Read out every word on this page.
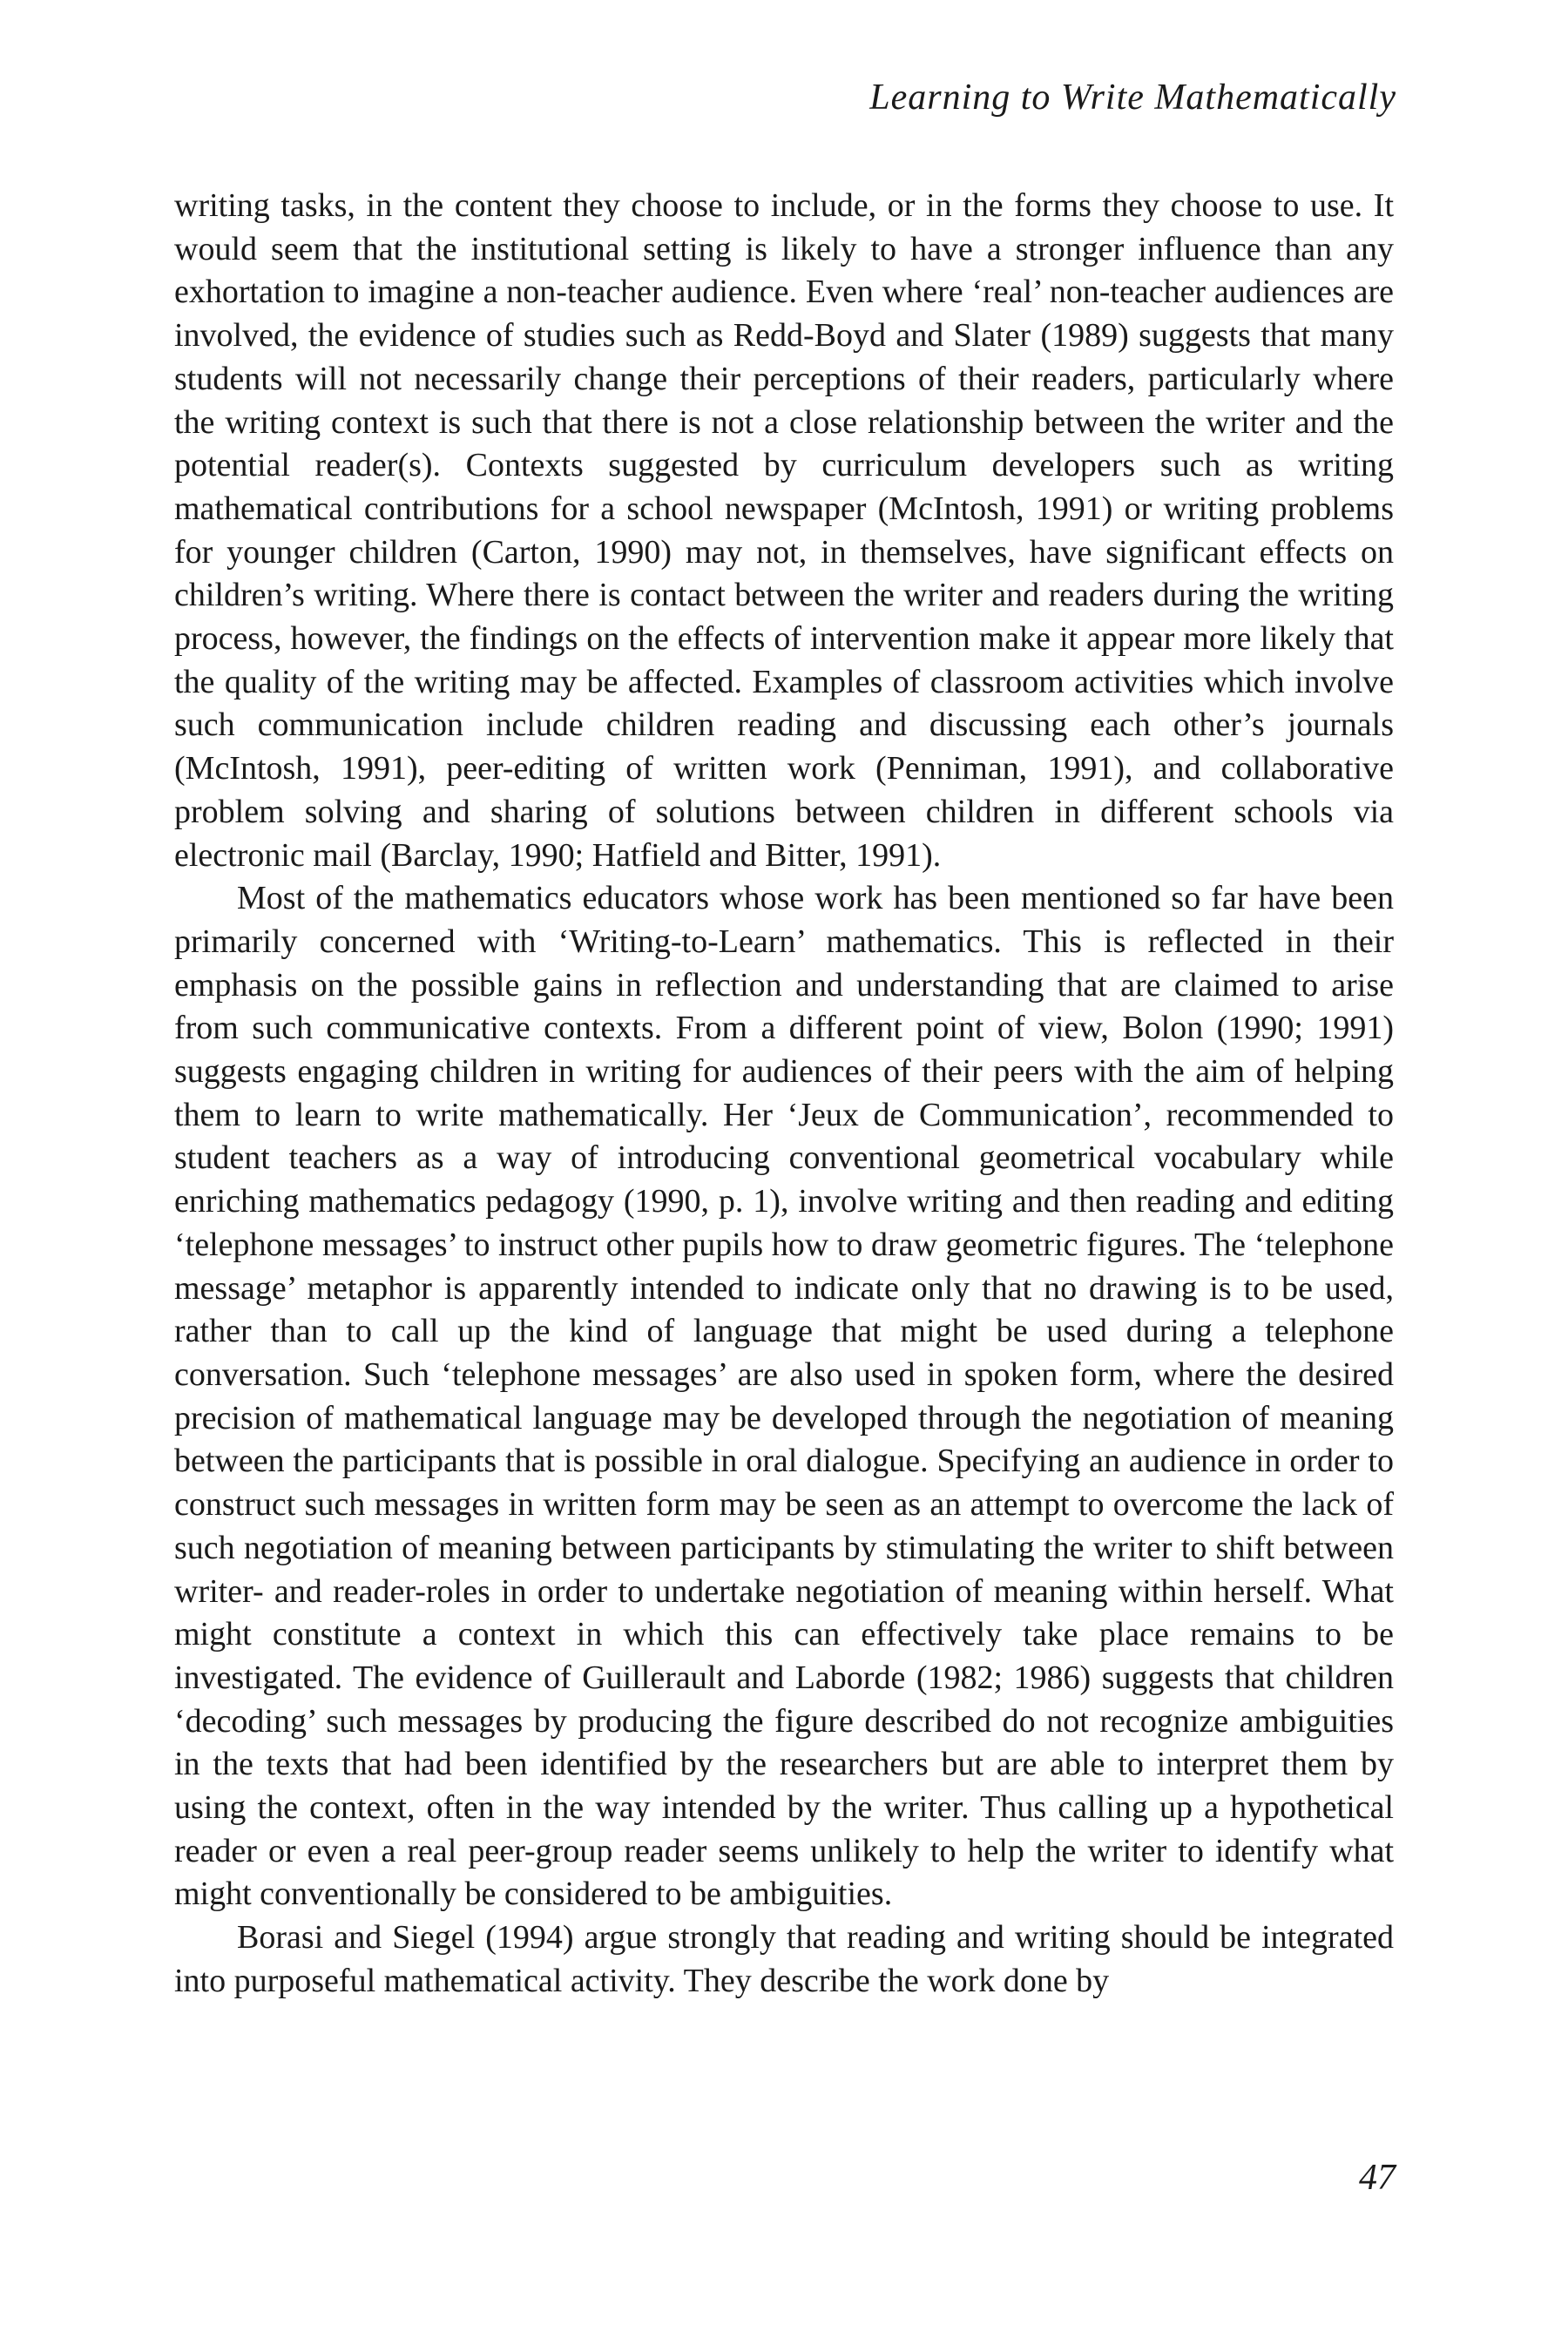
Learning to Write Mathematically

writing tasks, in the content they choose to include, or in the forms they choose to use. It would seem that the institutional setting is likely to have a stronger influence than any exhortation to imagine a non-teacher audience. Even where ‘real’ non-teacher audiences are involved, the evidence of studies such as Redd-Boyd and Slater (1989) suggests that many students will not necessarily change their perceptions of their readers, particularly where the writing context is such that there is not a close relationship between the writer and the potential reader(s). Contexts suggested by curriculum developers such as writing mathematical contributions for a school newspaper (McIntosh, 1991) or writing problems for younger children (Carton, 1990) may not, in themselves, have significant effects on children’s writing. Where there is contact between the writer and readers during the writing process, however, the findings on the effects of intervention make it appear more likely that the quality of the writing may be affected. Examples of classroom activities which involve such communication include children reading and discussing each other’s journals (McIntosh, 1991), peer-editing of written work (Penniman, 1991), and collaborative problem solving and sharing of solutions between children in different schools via electronic mail (Barclay, 1990; Hatfield and Bitter, 1991).

Most of the mathematics educators whose work has been mentioned so far have been primarily concerned with ‘Writing-to-Learn’ mathematics. This is reflected in their emphasis on the possible gains in reflection and understanding that are claimed to arise from such communicative contexts. From a different point of view, Bolon (1990; 1991) suggests engaging children in writing for audiences of their peers with the aim of helping them to learn to write mathematically. Her ‘Jeux de Communication’, recommended to student teachers as a way of introducing conventional geometrical vocabulary while enriching mathematics pedagogy (1990, p. 1), involve writing and then reading and editing ‘telephone messages’ to instruct other pupils how to draw geometric figures. The ‘telephone message’ metaphor is apparently intended to indicate only that no drawing is to be used, rather than to call up the kind of language that might be used during a telephone conversation. Such ‘telephone messages’ are also used in spoken form, where the desired precision of mathematical language may be developed through the negotiation of meaning between the participants that is possible in oral dialogue. Specifying an audience in order to construct such messages in written form may be seen as an attempt to overcome the lack of such negotiation of meaning between participants by stimulating the writer to shift between writer- and reader-roles in order to undertake negotiation of meaning within herself. What might constitute a context in which this can effectively take place remains to be investigated. The evidence of Guillerault and Laborde (1982; 1986) suggests that children ‘decoding’ such messages by producing the figure described do not recognize ambiguities in the texts that had been identified by the researchers but are able to interpret them by using the context, often in the way intended by the writer. Thus calling up a hypothetical reader or even a real peer-group reader seems unlikely to help the writer to identify what might conventionally be considered to be ambiguities.

Borasi and Siegel (1994) argue strongly that reading and writing should be integrated into purposeful mathematical activity. They describe the work done by

47
